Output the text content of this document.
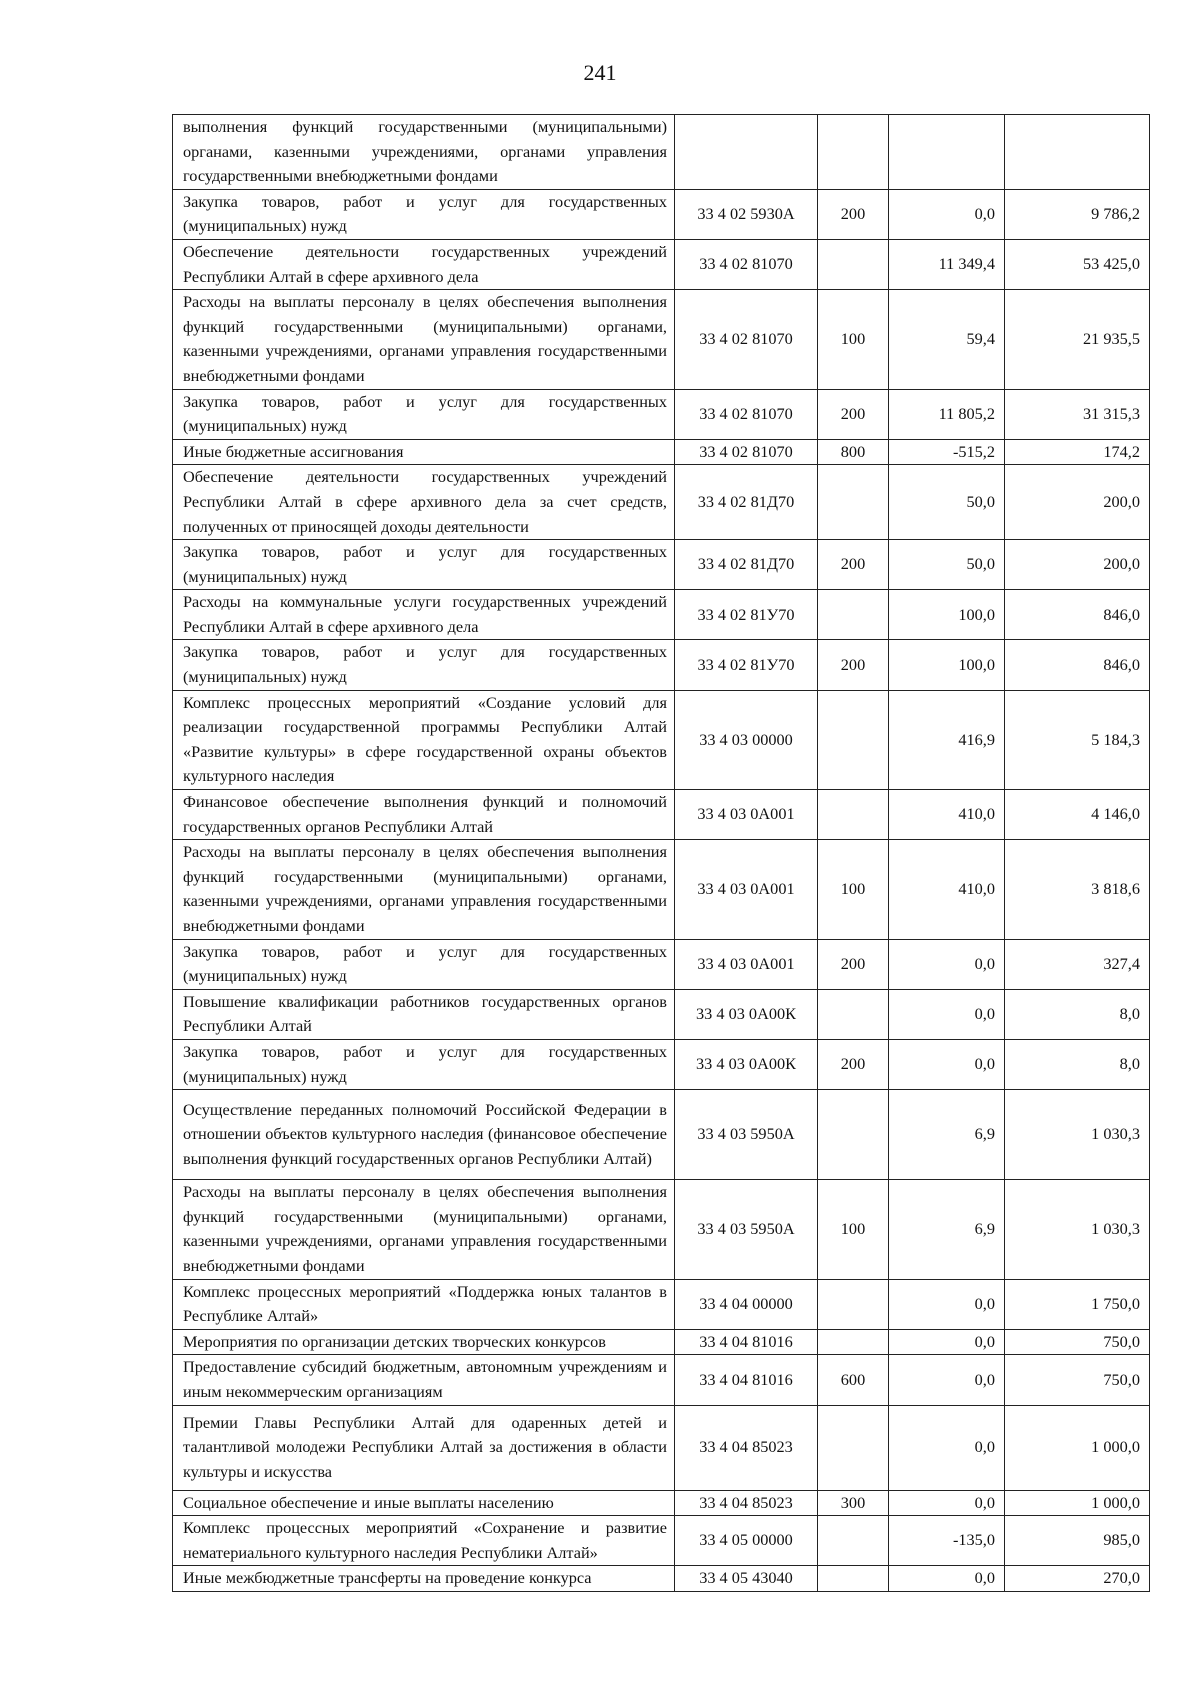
241
выполнения функций государственными (муниципальными) органами, казенными учреждениями, органами управления государственными внебюджетными фондами				
Закупка товаров, работ и услуг для государственных (муниципальных) нужд	33 4 02 5930А	200	0,0	9 786,2
Обеспечение деятельности государственных учреждений Республики Алтай в сфере архивного дела	33 4 02 81070		11 349,4	53 425,0
Расходы на выплаты персоналу в целях обеспечения выполнения функций государственными (муниципальными) органами, казенными учреждениями, органами управления государственными внебюджетными фондами	33 4 02 81070	100	59,4	21 935,5
Закупка товаров, работ и услуг для государственных (муниципальных) нужд	33 4 02 81070	200	11 805,2	31 315,3
Иные бюджетные ассигнования	33 4 02 81070	800	-515,2	174,2
Обеспечение деятельности государственных учреждений Республики Алтай в сфере архивного дела за счет средств, полученных от приносящей доходы деятельности	33 4 02 81Д70		50,0	200,0
Закупка товаров, работ и услуг для государственных (муниципальных) нужд	33 4 02 81Д70	200	50,0	200,0
Расходы на коммунальные услуги государственных учреждений Республики Алтай в сфере архивного дела	33 4 02 81У70		100,0	846,0
Закупка товаров, работ и услуг для государственных (муниципальных) нужд	33 4 02 81У70	200	100,0	846,0
Комплекс процессных мероприятий «Создание условий для реализации государственной программы Республики Алтай «Развитие культуры» в сфере государственной охраны объектов культурного наследия	33 4 03 00000		416,9	5 184,3
Финансовое обеспечение выполнения функций и полномочий государственных органов Республики Алтай	33 4 03 0А001		410,0	4 146,0
Расходы на выплаты персоналу в целях обеспечения выполнения функций государственными (муниципальными) органами, казенными учреждениями, органами управления государственными внебюджетными фондами	33 4 03 0А001	100	410,0	3 818,6
Закупка товаров, работ и услуг для государственных (муниципальных) нужд	33 4 03 0А001	200	0,0	327,4
Повышение квалификации работников государственных органов Республики Алтай	33 4 03 0А00К		0,0	8,0
Закупка товаров, работ и услуг для государственных (муниципальных) нужд	33 4 03 0А00К	200	0,0	8,0
Осуществление переданных полномочий Российской Федерации в отношении объектов культурного наследия (финансовое обеспечение выполнения функций государственных органов Республики Алтай)	33 4 03 5950А		6,9	1 030,3
Расходы на выплаты персоналу в целях обеспечения выполнения функций государственными (муниципальными) органами, казенными учреждениями, органами управления государственными внебюджетными фондами	33 4 03 5950А	100	6,9	1 030,3
Комплекс процессных мероприятий «Поддержка юных талантов в Республике Алтай»	33 4 04 00000		0,0	1 750,0
Мероприятия по организации детских творческих конкурсов	33 4 04 81016		0,0	750,0
Предоставление субсидий бюджетным, автономным учреждениям и иным некоммерческим организациям	33 4 04 81016	600	0,0	750,0
Премии Главы Республики Алтай для одаренных детей и талантливой молодежи Республики Алтай за достижения в области культуры и искусства	33 4 04 85023		0,0	1 000,0
Социальное обеспечение и иные выплаты населению	33 4 04 85023	300	0,0	1 000,0
Комплекс процессных мероприятий «Сохранение и развитие нематериального культурного наследия Республики Алтай»	33 4 05 00000		-135,0	985,0
Иные межбюджетные трансферты на проведение конкурса	33 4 05 43040		0,0	270,0
